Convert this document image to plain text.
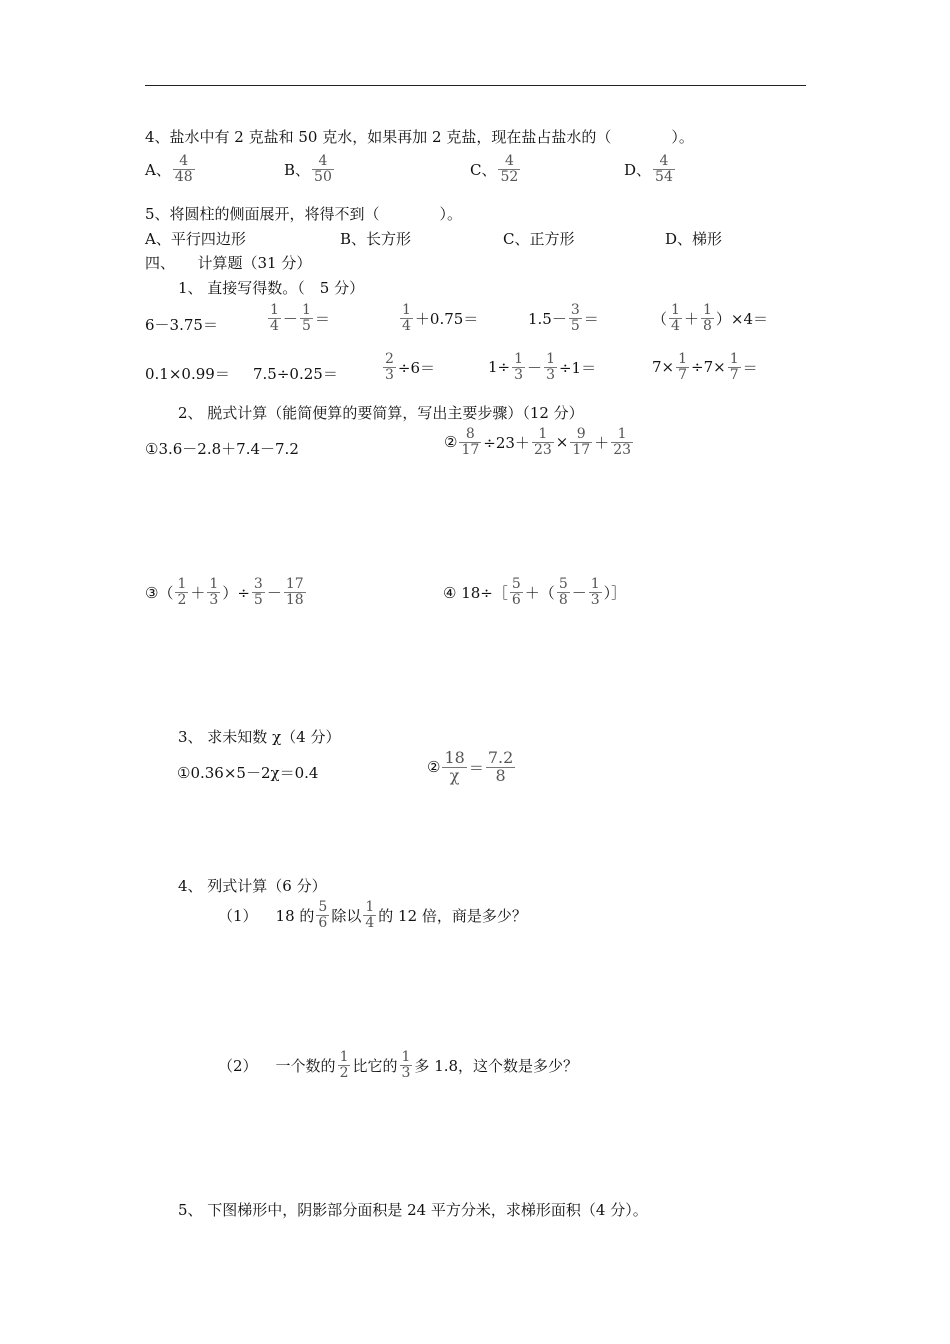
4、盐水中有 2 克盐和 50 克水，如果再加 2 克盐，现在盐占盐水的（　　　　）。
A、 $\frac{4}{48}$	B、 $\frac{4}{50}$	C、 $\frac{4}{52}$	D、 $\frac{4}{54}$
5、将圆柱的侧面展开，将得不到（　　　　）。
A、平行四边形	B、长方形	C、正方形	D、梯形
四、　　计算题（31 分）
1、 直接写得数。（　5 分）
6－3.75＝	$\frac{1}{4} - \frac{1}{5}$ ＝	$\frac{1}{4} +0.75=$	$1.5- \frac{3}{5}$ ＝	（ $\frac{1}{4} + \frac{1}{8} )\times 4=$
0.1×0.99＝ 7.5÷0.25＝	$\frac{2}{3} \div 6=$	$1\div \frac{1}{3} - \frac{1}{3} \div 1=$	$7\times \frac{1}{7} \div 7\times \frac{1}{7}$ ＝
2、 脱式计算（能简便算的要简算，写出主要步骤）（12 分）
①3.6－2.8＋7.4－7.2	② $\frac{8}{17} \div 23+ \frac{1}{23} \times \frac{9}{17} + \frac{1}{23}$
③（ $\frac{1}{2} + \frac{1}{3}$ ）÷ $\frac{3}{5} - \frac{17}{18}$	④ 18÷［ $\frac{5}{6}$ ＋（ $\frac{5}{8} - \frac{1}{3}$ ）］
3、 求未知数 χ（4 分）
①0.36×5－2χ＝0.4	② $\frac{18}{\chi} = \frac{7.2}{8}$
4、 列式计算（6 分）
（1） 18 的 $\frac{5}{6}$ 除以 $\frac{1}{4}$ 的 12 倍，商是多少？
（2） 一个数的 $\frac{1}{2}$ 比它的 $\frac{1}{3}$ 多 1.8，这个数是多少？
5、 下图梯形中，阴影部分面积是 24 平方分米，求梯形面积（4 分）。
